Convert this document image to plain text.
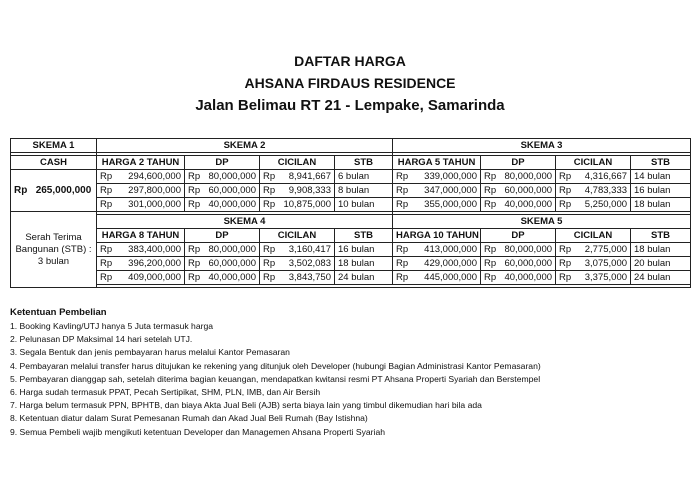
DAFTAR HARGA
AHSANA FIRDAUS RESIDENCE
Jalan Belimau RT 21 - Lempake, Samarinda
SKEMA 1	SKEMA 2				SKEMA 3			

CASH	HARGA 2 TAHUN	DP	CICILAN	STB	HARGA 5 TAHUN	DP	CICILAN	STB
Rp 265,000,000	Rp 294,600,000	Rp 80,000,000	Rp 8,941,667	6 bulan	Rp 339,000,000	Rp 80,000,000	Rp 4,316,667	14 bulan

	Rp 297,800,000	Rp 60,000,000	Rp 9,908,333	8 bulan	Rp 347,000,000	Rp 60,000,000	Rp 4,783,333	16 bulan

	Rp 301,000,000	Rp 40,000,000	Rp 10,875,000	10 bulan	Rp 355,000,000	Rp 40,000,000	Rp 5,250,000	18 bulan
Serah Terima Bangunan (STB) : 3 bulan								
	SKEMA 4				SKEMA 5			
	HARGA 8 TAHUN	DP	CICILAN	STB	HARGA 10 TAHUN	DP	CICILAN	STB

	Rp 383,400,000	Rp 80,000,000	Rp 3,160,417	16 bulan	Rp 413,000,000	Rp 80,000,000	Rp 2,775,000	18 bulan

	Rp 396,200,000	Rp 60,000,000	Rp 3,502,083	18 bulan	Rp 429,000,000	Rp 60,000,000	Rp 3,075,000	20 bulan

	Rp 409,000,000	Rp 40,000,000	Rp 3,843,750	24 bulan	Rp 445,000,000	Rp 40,000,000	Rp 3,375,000	24 bulan

Ketentuan Pembelian
1. Booking Kavling/UTJ hanya 5 Juta termasuk harga
2. Pelunasan DP Maksimal 14 hari setelah UTJ.
3. Segala Bentuk dan jenis pembayaran harus melalui Kantor Pemasaran
4. Pembayaran melalui transfer harus ditujukan ke rekening yang ditunjuk oleh Developer (hubungi Bagian Administrasi Kantor Pemasaran)
5. Pembayaran dianggap sah, setelah diterima bagian keuangan, mendapatkan kwitansi resmi PT Ahsana Properti Syariah dan Berstempel
6. Harga sudah termasuk PPAT, Pecah Sertipikat, SHM, PLN, IMB, dan Air Bersih
7. Harga belum termasuk PPN, BPHTB, dan biaya Akta Jual Beli (AJB) serta biaya lain yang timbul dikemudian hari bila ada
8. Ketentuan diatur dalam Surat Pemesanan Rumah dan Akad Jual Beli Rumah (Bay Istishna)
9. Semua Pembeli wajib mengikuti ketentuan Developer dan Managemen Ahsana Properti Syariah
